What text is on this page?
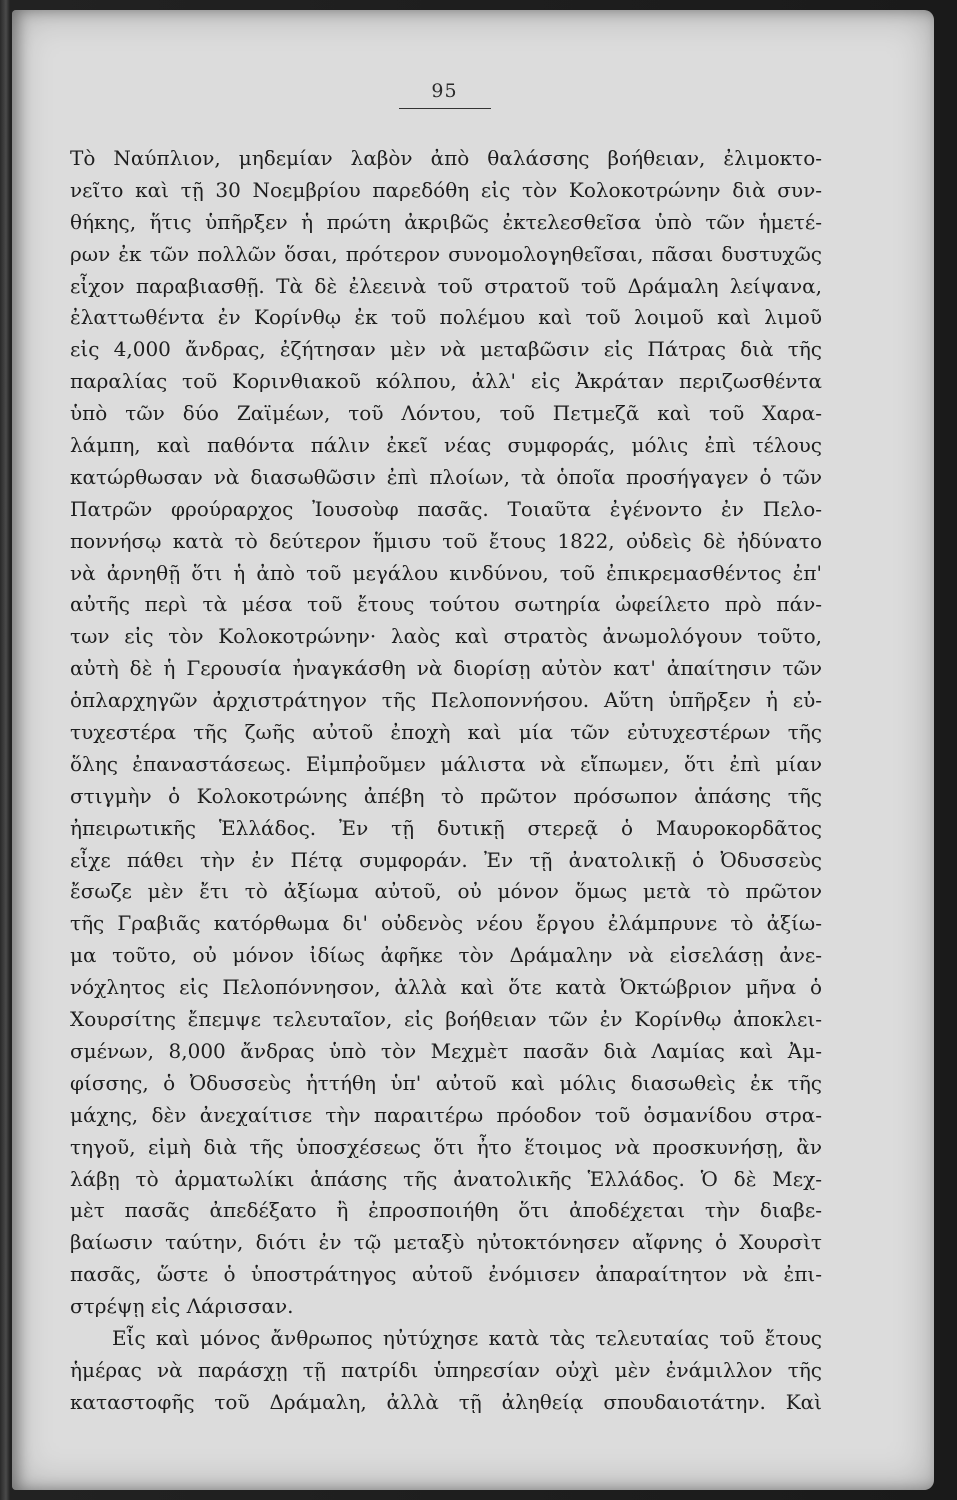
95
Τὸ Ναύπλιον, μηδεμίαν λαβὸν ἀπὸ θαλάσσης βοήθειαν, ἐλιμοκτο-
νεῖτο καὶ τῇ 30 Νοεμβρίου παρεδόθη εἰς τὸν Κολοκοτρώνην διὰ συν-
θήκης, ἥτις ὑπῆρξεν ἡ πρώτη ἀκριβῶς ἐκτελεσθεῖσα ὑπὸ τῶν ἡμετέ-
ρων ἐκ τῶν πολλῶν ὅσαι, πρότερον συνομολογηθεῖσαι, πᾶσαι δυστυχῶς
εἶχον παραβιασθῇ. Τὰ δὲ ἐλεεινὰ τοῦ στρατοῦ τοῦ Δράμαλη λείψανα,
ἐλαττωθέντα ἐν Κορίνθῳ ἐκ τοῦ πολέμου καὶ τοῦ λοιμοῦ καὶ λιμοῦ
εἰς 4,000 ἄνδρας, ἐζήτησαν μὲν νὰ μεταβῶσιν εἰς Πάτρας διὰ τῆς
παραλίας τοῦ Κορινθιακοῦ κόλπου, ἀλλ' εἰς Ἀκράταν περιζωσθέντα
ὑπὸ τῶν δύο Ζαϊμέων, τοῦ Λόντου, τοῦ Πετμεζᾶ καὶ τοῦ Χαρα-
λάμπη, καὶ παθόντα πάλιν ἐκεῖ νέας συμφοράς, μόλις ἐπὶ τέλους
κατώρθωσαν νὰ διασωθῶσιν ἐπὶ πλοίων, τὰ ὁποῖα προσήγαγεν ὁ τῶν
Πατρῶν φρούραρχος Ἰουσοὺφ πασᾶς. Τοιαῦτα ἐγένοντο ἐν Πελο-
ποννήσῳ κατὰ τὸ δεύτερον ἥμισυ τοῦ ἔτους 1822, οὐδεὶς δὲ ἠδύνατο
νὰ ἀρνηθῇ ὅτι ἡ ἀπὸ τοῦ μεγάλου κινδύνου, τοῦ ἐπικρεμασθέντος ἐπ'
αὐτῆς περὶ τὰ μέσα τοῦ ἔτους τούτου σωτηρία ὠφείλετο πρὸ πάν-
των εἰς τὸν Κολοκοτρώνην· λαὸς καὶ στρατὸς ἀνωμολόγουν τοῦτο,
αὐτὴ δὲ ἡ Γερουσία ἠναγκάσθη νὰ διορίσῃ αὐτὸν κατ' ἀπαίτησιν τῶν
ὁπλαρχηγῶν ἀρχιστράτηγον τῆς Πελοποννήσου. Αὕτη ὑπῆρξεν ἡ εὐ-
τυχεστέρα τῆς ζωῆς αὐτοῦ ἐποχὴ καὶ μία τῶν εὐτυχεστέρων τῆς
ὅλης ἐπαναστάσεως. Εἰμπῤοῦμεν μάλιστα νὰ εἴπωμεν, ὅτι ἐπὶ μίαν
στιγμὴν ὁ Κολοκοτρώνης ἀπέβη τὸ πρῶτον πρόσωπον ἁπάσης τῆς
ἠπειρωτικῆς Ἑλλάδος. Ἐν τῇ δυτικῇ στερεᾷ ὁ Μαυροκορδᾶτος
εἶχε πάθει τὴν ἐν Πέτᾳ συμφοράν. Ἐν τῇ ἀνατολικῇ ὁ Ὀδυσσεὺς
ἔσωζε μὲν ἔτι τὸ ἀξίωμα αὐτοῦ, οὐ μόνον ὅμως μετὰ τὸ πρῶτον
τῆς Γραβιᾶς κατόρθωμα δι' οὐδενὸς νέου ἔργου ἐλάμπρυνε τὸ ἀξίω-
μα τοῦτο, οὐ μόνον ἰδίως ἀφῆκε τὸν Δράμαλην νὰ εἰσελάσῃ ἀνε-
νόχλητος εἰς Πελοπόννησον, ἀλλὰ καὶ ὅτε κατὰ Ὀκτώβριον μῆνα ὁ
Χουρσίτης ἔπεμψε τελευταῖον, εἰς βοήθειαν τῶν ἐν Κορίνθῳ ἀποκλει-
σμένων, 8,000 ἄνδρας ὑπὸ τὸν Μεχμὲτ πασᾶν διὰ Λαμίας καὶ Ἀμ-
φίσσης, ὁ Ὀδυσσεὺς ἡττήθη ὑπ' αὐτοῦ καὶ μόλις διασωθεὶς ἐκ τῆς
μάχης, δὲν ἀνεχαίτισε τὴν παραιτέρω πρόοδον τοῦ ὀσμανίδου στρα-
τηγοῦ, εἰμὴ διὰ τῆς ὑποσχέσεως ὅτι ἦτο ἕτοιμος νὰ προσκυνήσῃ, ἂν
λάβῃ τὸ ἀρματωλίκι ἁπάσης τῆς ἀνατολικῆς Ἑλλάδος. Ὁ δὲ Μεχ-
μὲτ πασᾶς ἀπεδέξατο ἢ ἐπροσποιήθη ὅτι ἀποδέχεται τὴν διαβε-
βαίωσιν ταύτην, διότι ἐν τῷ μεταξὺ ηὐτοκτόνησεν αἴφνης ὁ Χουρσὶτ
πασᾶς, ὥστε ὁ ὑποστράτηγος αὐτοῦ ἐνόμισεν ἀπαραίτητον νὰ ἐπι-
στρέψῃ εἰς Λάρισσαν.
Εἷς καὶ μόνος ἄνθρωπος ηὐτύχησε κατὰ τὰς τελευταίας τοῦ ἔτους
ἡμέρας νὰ παράσχῃ τῇ πατρίδι ὑπηρεσίαν οὐχὶ μὲν ἐνάμιλλον τῆς
καταστοφῆς τοῦ Δράμαλη, ἀλλὰ τῇ ἀληθείᾳ σπουδαιοτάτην. Καὶ
